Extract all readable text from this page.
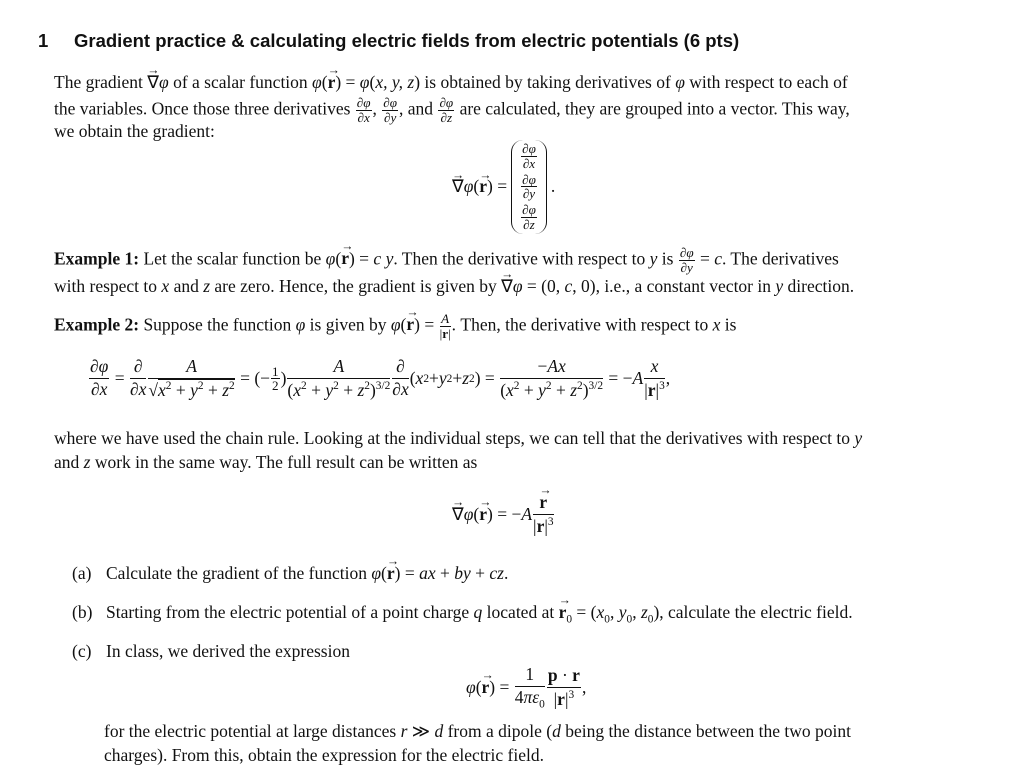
1 Gradient practice & calculating electric fields from electric potentials (6 pts)
The gradient → ∇φ of a scalar function φ(→ r) = φ(x, y, z) is obtained by taking derivatives of φ with respect to each of
the variables. Once those three derivatives $\frac{\partial\varphi}{\partial x}$ , $\frac{\partial\varphi}{\partial y}$ , and $\frac{\partial\varphi}{\partial z}$ are calculated, they are grouped into a vector. This way,
we obtain the gradient:
→ ∇ φ ( → r ) =
∂φ
∂x
∂φ
∂y
∂φ
∂z
.
Example 1: Let the scalar function be φ(→ r) = c y. Then the derivative with respect to y is $\frac{\partial\varphi}{\partial y} = c$. The derivatives
with respect to x and z are zero. Hence, the gradient is given by → ∇φ = (0, c, 0), i.e., a constant vector in y direction.
Example 2: Suppose the function φ is given by $\varphi(\to r) = \frac{A}{|r|}$ . Then, the derivative with respect to x is
∂φ
∂x
=
∂
∂x
A
$√x^2 + y^2 + z^2$ = (− 1
2 )
A
$(x^2 + y^2 + z^2)^{3/2}$
∂
∂x
( x 2 + y 2 + z 2 ) =
−Ax
$(x^2 + y^2 + z^2)^{3/2}$ = − A
x
$|r|^3$ ,
where we have used the chain rule. Looking at the individual steps, we can tell that the derivatives with respect to y
and z work in the same way. The full result can be written as
→ ∇ φ ( → r ) = − A
→ r
$|r|^3$
(a) Calculate the gradient of the function φ(→ r) = ax + by + cz.
(b) Starting from the electric potential of a point charge q located at → $r_0 = (x_0$, $y_0$, $z_0$), calculate the electric field.
(c) In class, we derived the expression
φ ( → r ) =
1
$4\pi\varepsilon_0$
p · r
$|r|^3$ ,
for the electric potential at large distances r ≫ d from a dipole (d being the distance between the two point
charges). From this, obtain the expression for the electric field.
